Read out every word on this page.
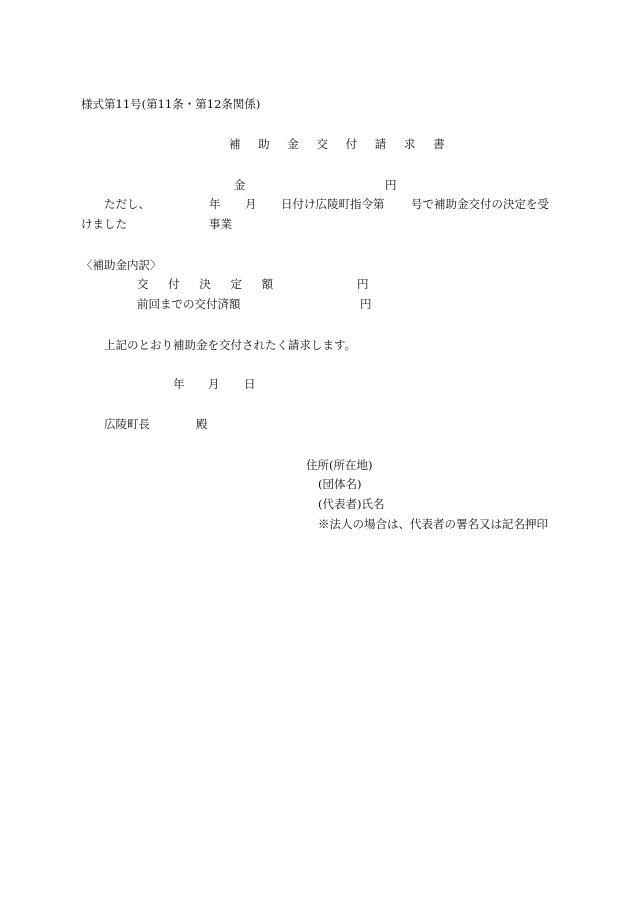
様式第11号(第11条・第12条関係)
補 助 金 交 付 請 求 書
金	円
ただし、	年 月 日付け広陵町指令第 号で補助金交付の決定を受
けました	事業
〈補助金内訳〉
交 付 決 定 額	円
前回までの交付済額	円
上記のとおり補助金を交付されたく請求します。
年 月 日
広陵町長	殿
住所(所在地)
(団体名)
(代表者)氏名
※法人の場合は、代表者の署名又は記名押印
